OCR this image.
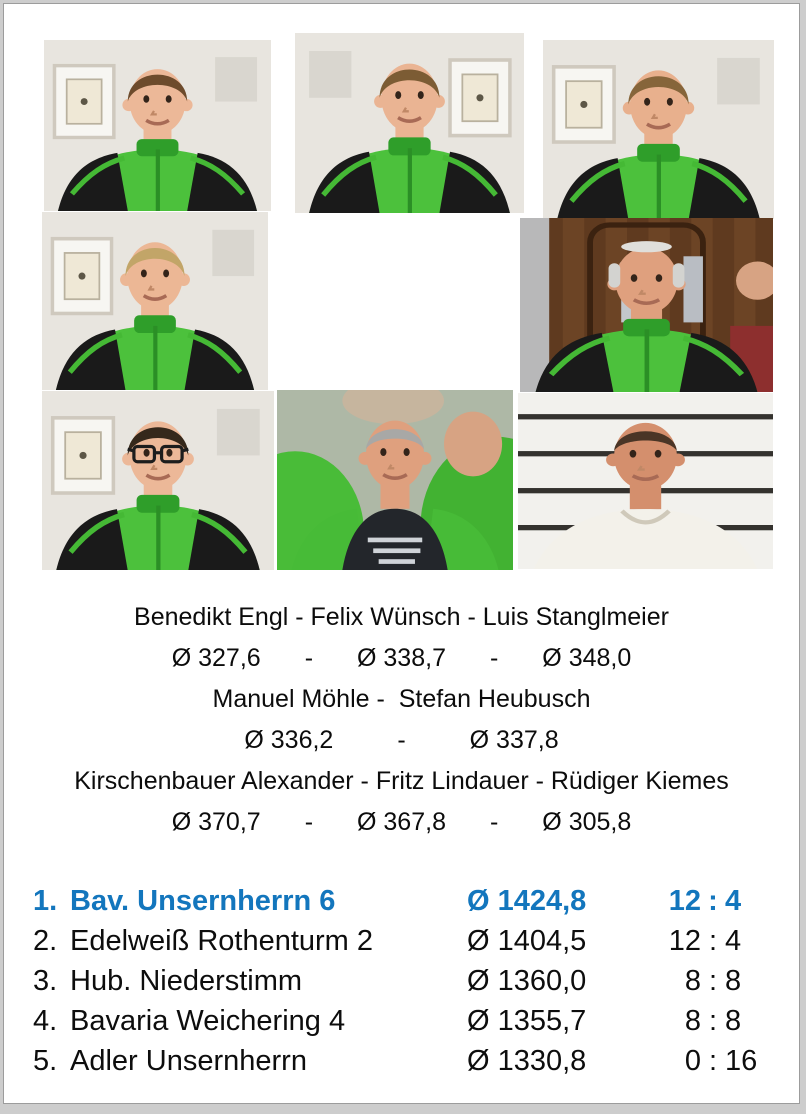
Benedikt Engl - Felix Wünsch - Luis Stanglmeier
Ø 327,6 - Ø 338,7 - Ø 348,0
Manuel Möhle -  Stefan Heubusch
Ø 336,2	-	Ø 337,8
Kirschenbauer Alexander - Fritz Lindauer - Rüdiger Kiemes
Ø 370,7 - Ø 367,8 - Ø 305,8
1. Bav. Unsernherrn 6	Ø 1424,8	12 : 4
2. Edelweiß Rothenturm 2	Ø 1404,5	12 : 4
3. Hub. Niederstimm	Ø 1360,0	8 : 8
4. Bavaria Weichering 4	Ø 1355,7	8 : 8
5. Adler Unsernherrn	Ø 1330,8	0 : 16
